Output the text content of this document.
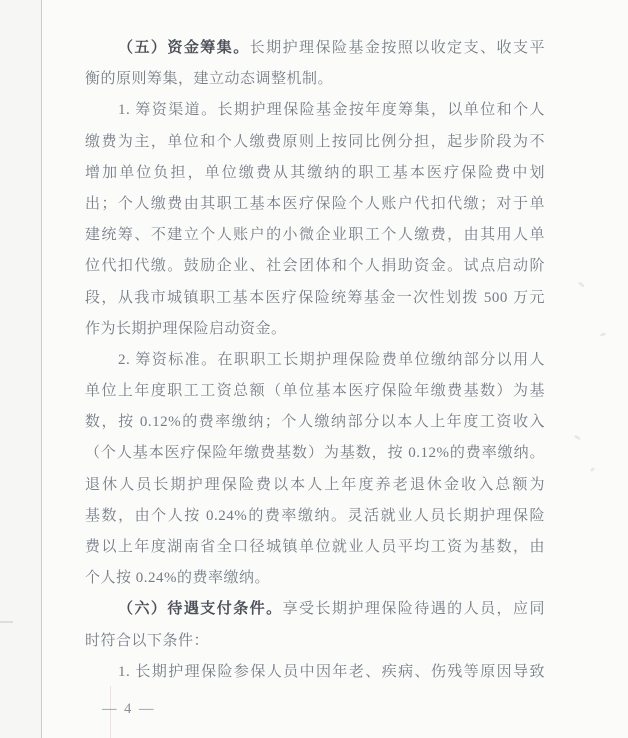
（五）资金筹集。长期护理保险基金按照以收定支、收支平
衡的原则筹集，建立动态调整机制。
1. 筹资渠道。长期护理保险基金按年度筹集，以单位和个人
缴费为主，单位和个人缴费原则上按同比例分担，起步阶段为不
增加单位负担，单位缴费从其缴纳的职工基本医疗保险费中划
出；个人缴费由其职工基本医疗保险个人账户代扣代缴；对于单
建统筹、不建立个人账户的小微企业职工个人缴费，由其用人单
位代扣代缴。鼓励企业、社会团体和个人捐助资金。试点启动阶
段，从我市城镇职工基本医疗保险统筹基金一次性划拨 500 万元
作为长期护理保险启动资金。
2. 筹资标准。在职职工长期护理保险费单位缴纳部分以用人
单位上年度职工工资总额（单位基本医疗保险年缴费基数）为基
数，按 0.12%的费率缴纳；个人缴纳部分以本人上年度工资收入
（个人基本医疗保险年缴费基数）为基数，按 0.12%的费率缴纳。
退休人员长期护理保险费以本人上年度养老退休金收入总额为
基数，由个人按 0.24%的费率缴纳。灵活就业人员长期护理保险
费以上年度湖南省全口径城镇单位就业人员平均工资为基数，由
个人按 0.24%的费率缴纳。
（六）待遇支付条件。享受长期护理保险待遇的人员，应同
时符合以下条件：
1. 长期护理保险参保人员中因年老、疾病、伤残等原因导致
— 4 —
